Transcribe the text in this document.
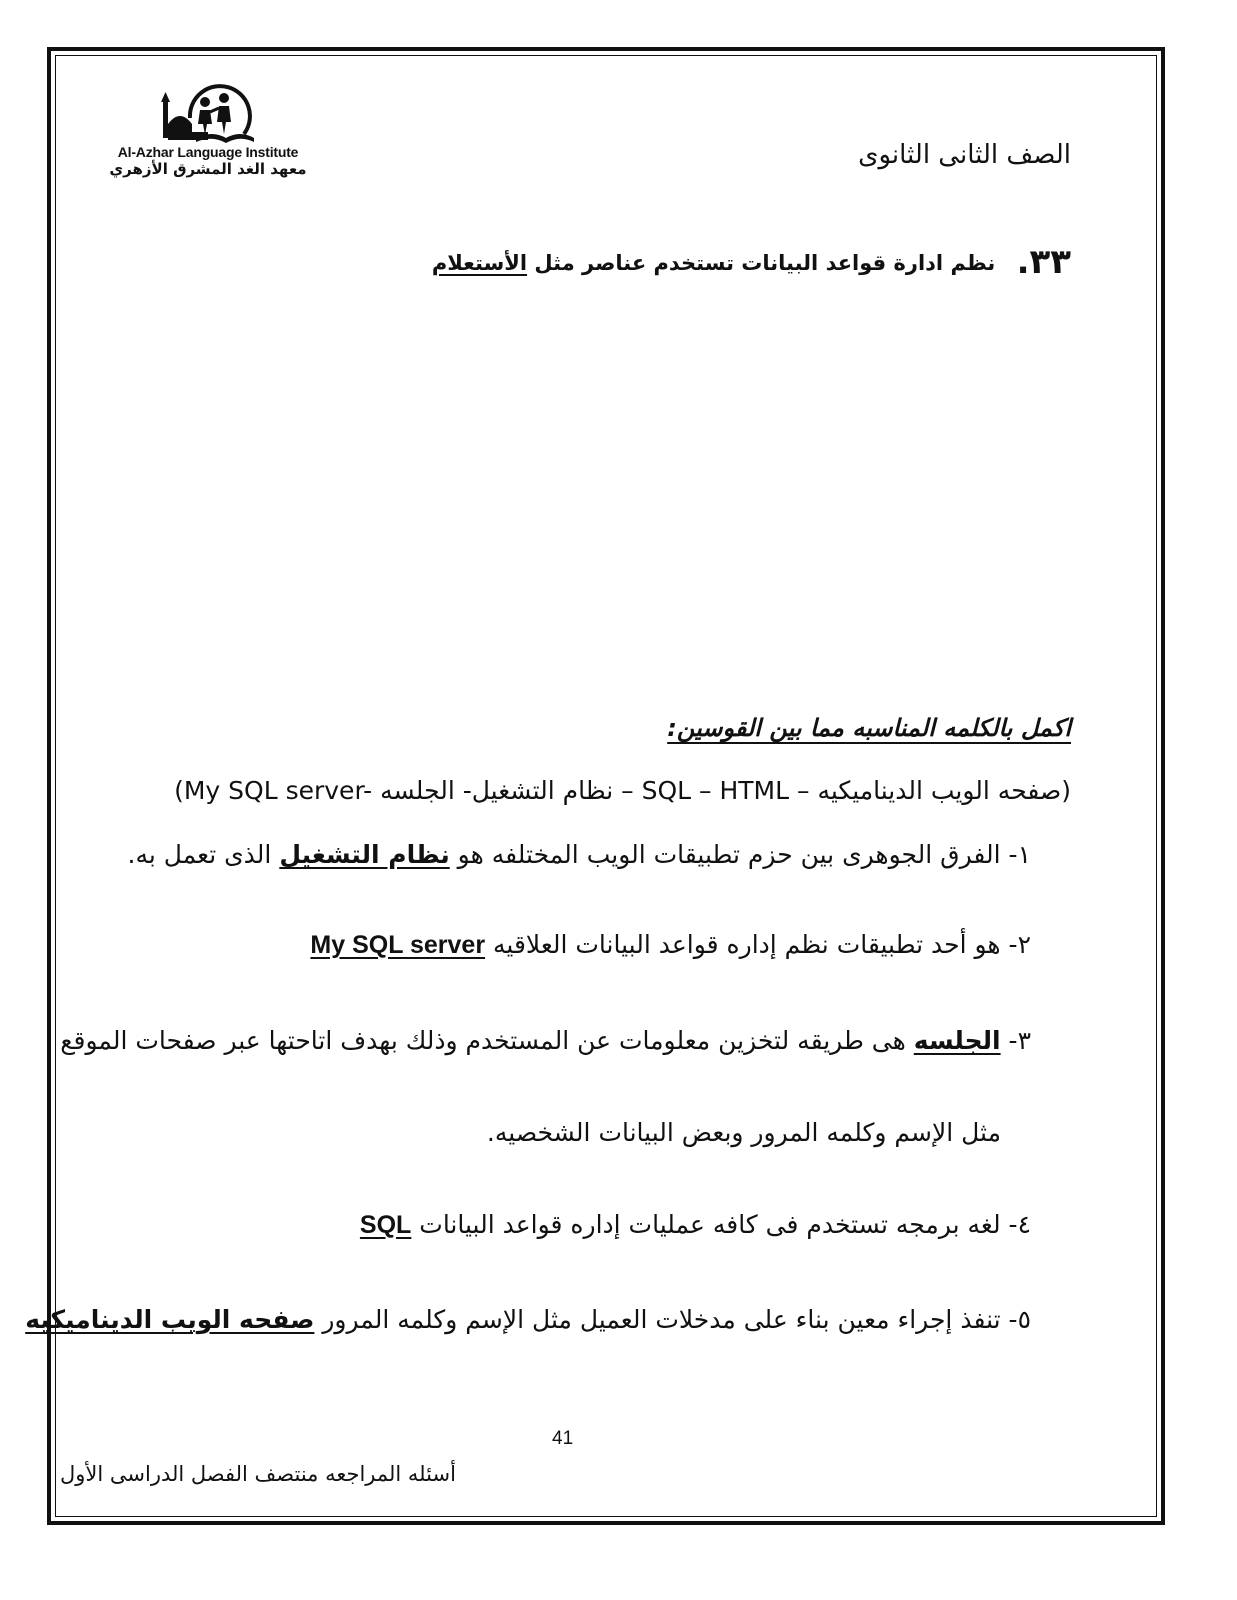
Al-Azhar Language Institute
معهد الغد المشرق الأزهري	الصف الثانى الثانوى
٣٣. نظم ادارة قواعد البيانات تستخدم عناصر مثل الأستعلام
اكمل بالكلمه المناسبه مما بين القوسين:
(My SQL server- نظام التشغيل- الجلسه – SQL – HTML – صفحه الويب الديناميكيه)
١- الفرق الجوهرى بين حزم تطبيقات الويب المختلفه هو نظام التشغيل الذى تعمل به.
٢- هو أحد تطبيقات نظم إداره قواعد البيانات العلاقيه My SQL server
٣- الجلسه هى طريقه لتخزين معلومات عن المستخدم وذلك بهدف اتاحتها عبر صفحات الموقع
مثل الإسم وكلمه المرور وبعض البيانات الشخصيه.
٤- لغه برمجه تستخدم فى كافه عمليات إداره قواعد البيانات SQL
٥- تنفذ إجراء معين بناء على مدخلات العميل مثل الإسم وكلمه المرور صفحه الويب الديناميكيه
41
أسئله المراجعه منتصف الفصل الدراسى الأول
